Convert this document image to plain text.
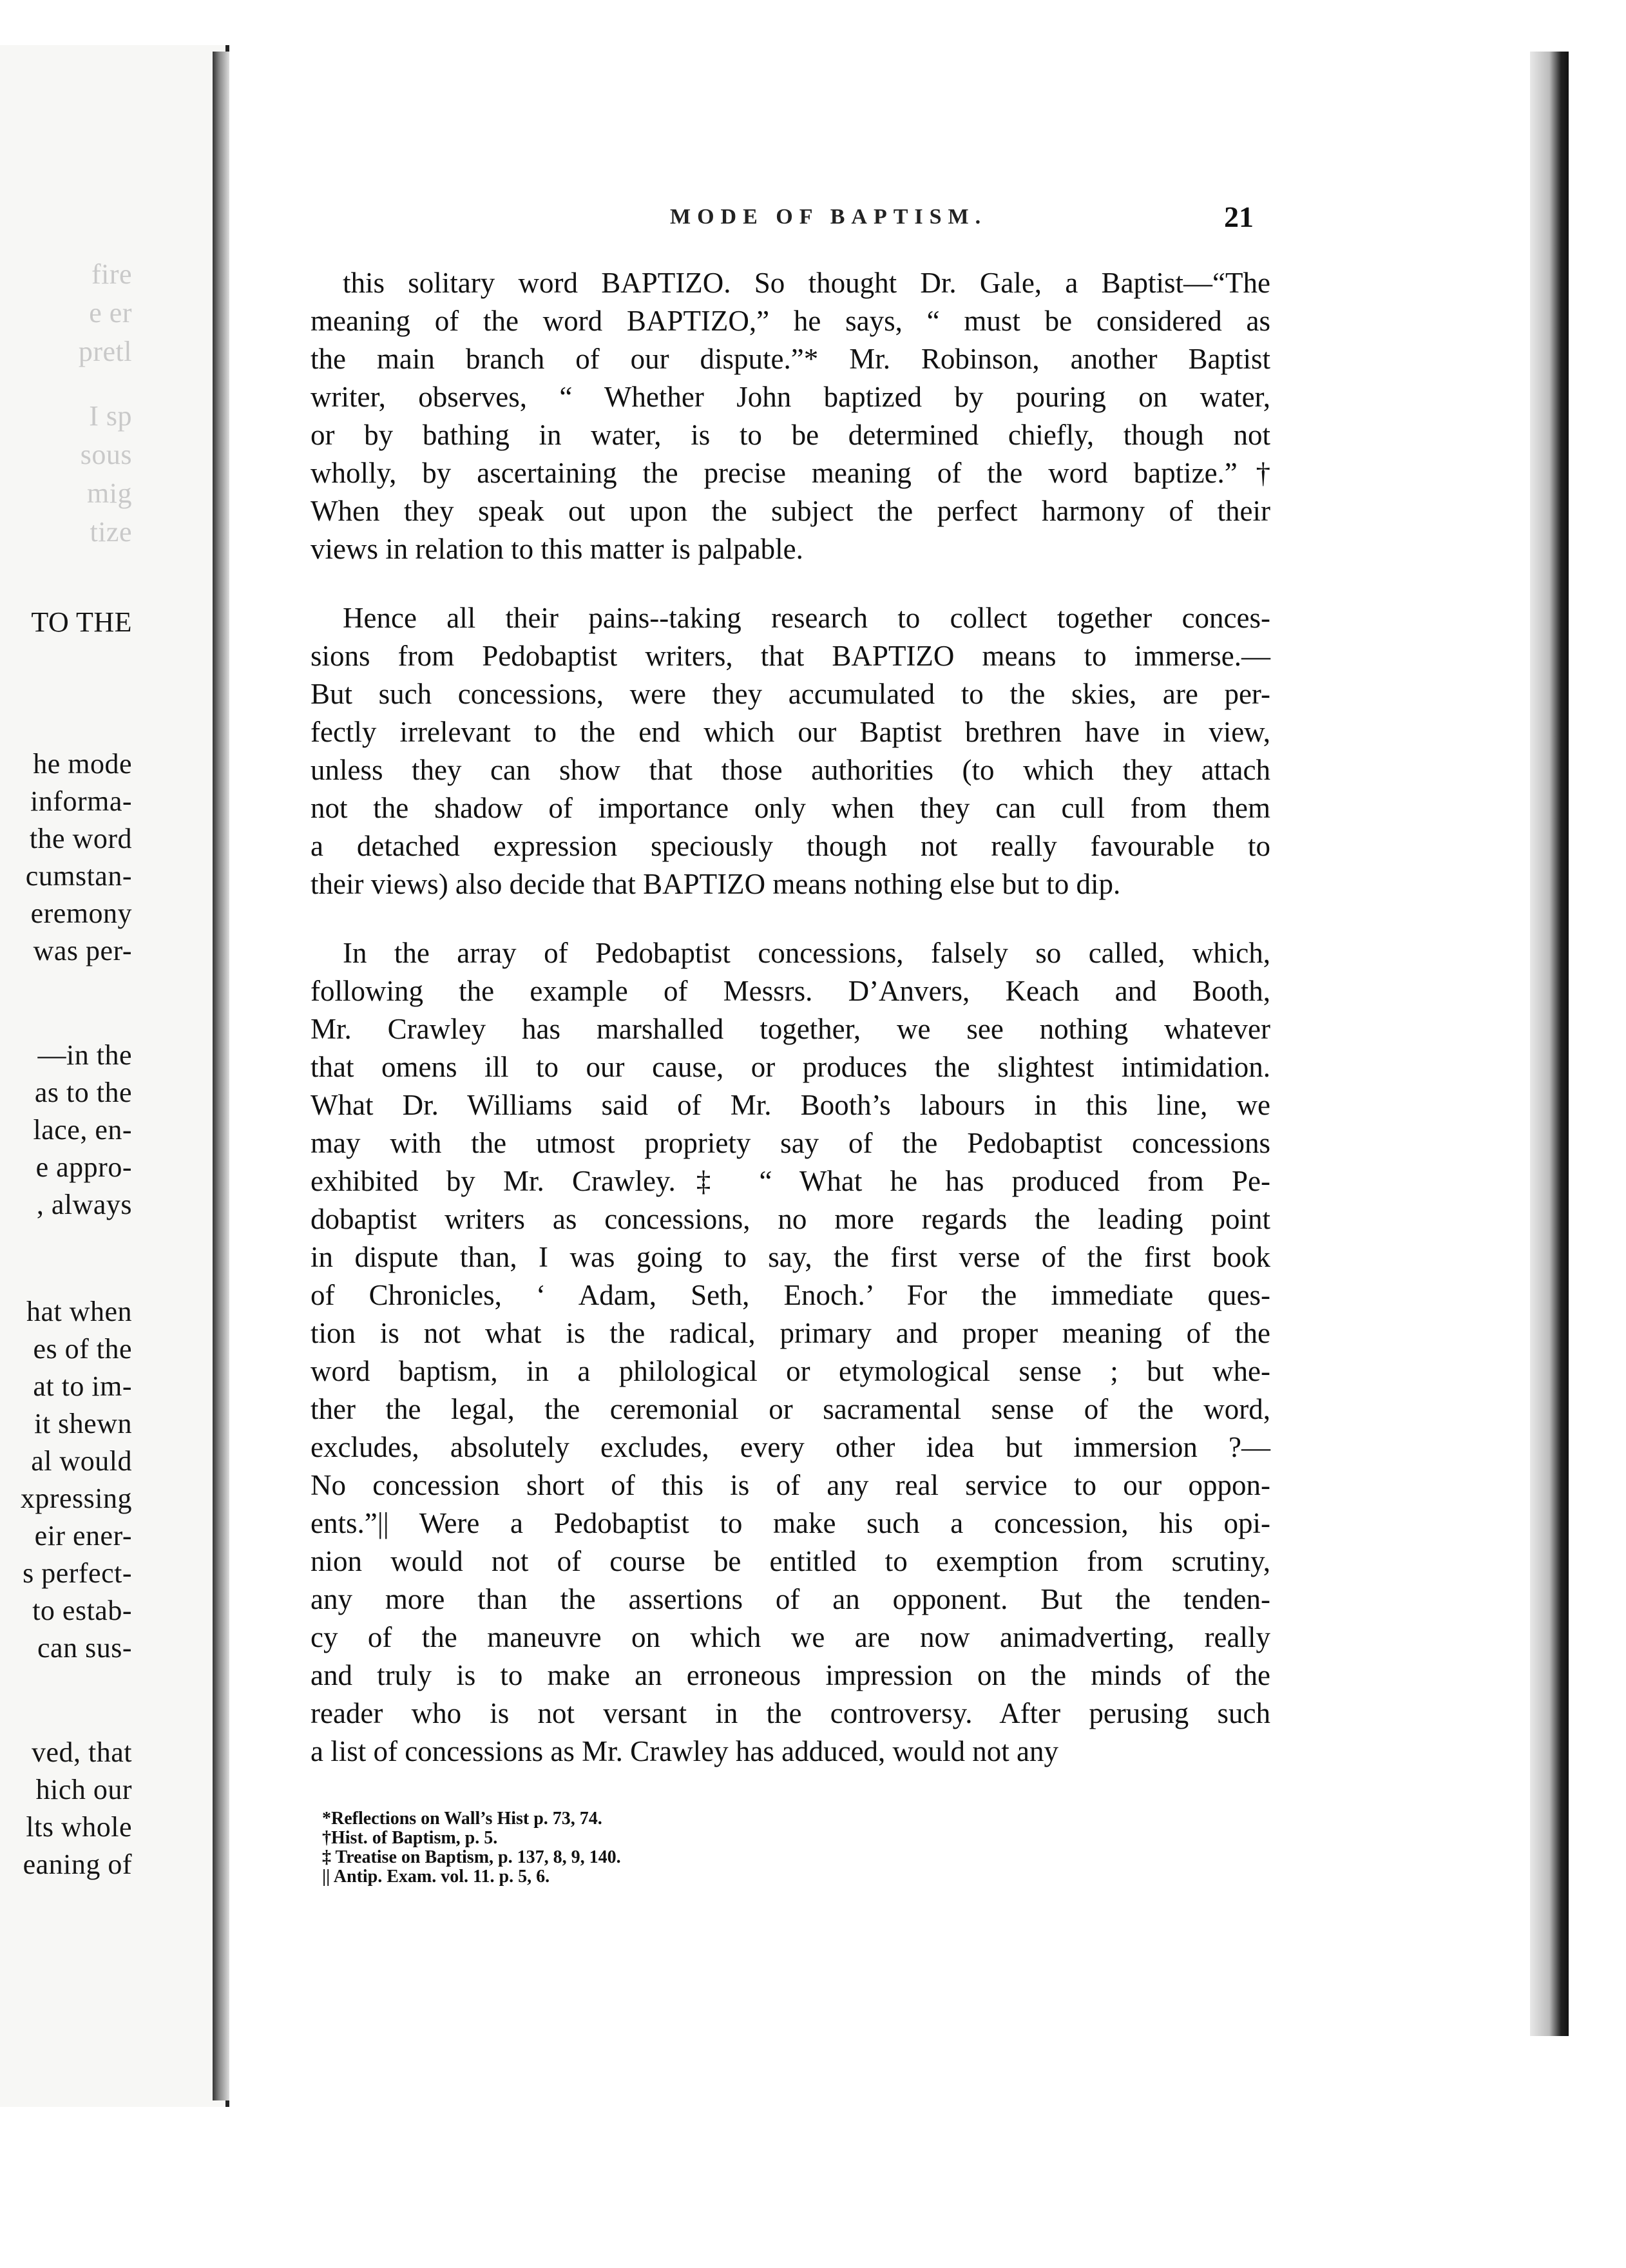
fire
e er
pretl
I sp
sous
mig
tize
TO THE
he mode
informa-
the word
cumstan-
eremony
was per-
—in the
as to the
lace, en-
e appro-
, always
hat when
es of the
at to im-
it shewn
al would
xpressing
eir ener-
s perfect-
to estab-
can sus-
ved, that
hich our
lts whole
eaning of
MODE OF BAPTISM.	21
this solitary word BAPTIZO. So thought Dr. Gale, a Baptist—“The
meaning of the word BAPTIZO,” he says, “ must be considered as
the main branch of our dispute.”* Mr. Robinson, another Baptist
writer, observes, “ Whether John baptized by pouring on water,
or by bathing in water, is to be determined chiefly, though not
wholly, by ascertaining the precise meaning of the word baptize.”†
When they speak out upon the subject the perfect harmony of their
views in relation to this matter is palpable.
Hence all their pains--taking research to collect together conces-
sions from Pedobaptist writers, that BAPTIZO means to immerse.—
But such concessions, were they accumulated to the skies, are per-
fectly irrelevant to the end which our Baptist brethren have in view,
unless they can show that those authorities (to which they attach
not the shadow of importance only when they can cull from them
a detached expression speciously though not really favourable to
their views) also decide that BAPTIZO means nothing else but to dip.
In the array of Pedobaptist concessions, falsely so called, which,
following the example of Messrs. D’Anvers, Keach and Booth,
Mr. Crawley has marshalled together, we see nothing whatever
that omens ill to our cause, or produces the slightest intimidation.
What Dr. Williams said of Mr. Booth’s labours in this line, we
may with the utmost propriety say of the Pedobaptist concessions
exhibited by Mr. Crawley.‡ “ What he has produced from Pe-
dobaptist writers as concessions, no more regards the leading point
in dispute than, I was going to say, the first verse of the first book
of Chronicles, ‘ Adam, Seth, Enoch.’ For the immediate ques-
tion is not what is the radical, primary and proper meaning of the
word baptism, in a philological or etymological sense ; but whe-
ther the legal, the ceremonial or sacramental sense of the word,
excludes, absolutely excludes, every other idea but immersion ?—
No concession short of this is of any real service to our oppon-
ents.”|| Were a Pedobaptist to make such a concession, his opi-
nion would not of course be entitled to exemption from scrutiny,
any more than the assertions of an opponent. But the tenden-
cy of the maneuvre on which we are now animadverting, really
and truly is to make an erroneous impression on the minds of the
reader who is not versant in the controversy. After perusing such
a list of concessions as Mr. Crawley has adduced, would not any
*Reflections on Wall’s Hist p. 73, 74.
†Hist. of Baptism, p. 5.
‡ Treatise on Baptism, p. 137, 8, 9, 140.
|| Antip. Exam. vol. 11. p. 5, 6.
